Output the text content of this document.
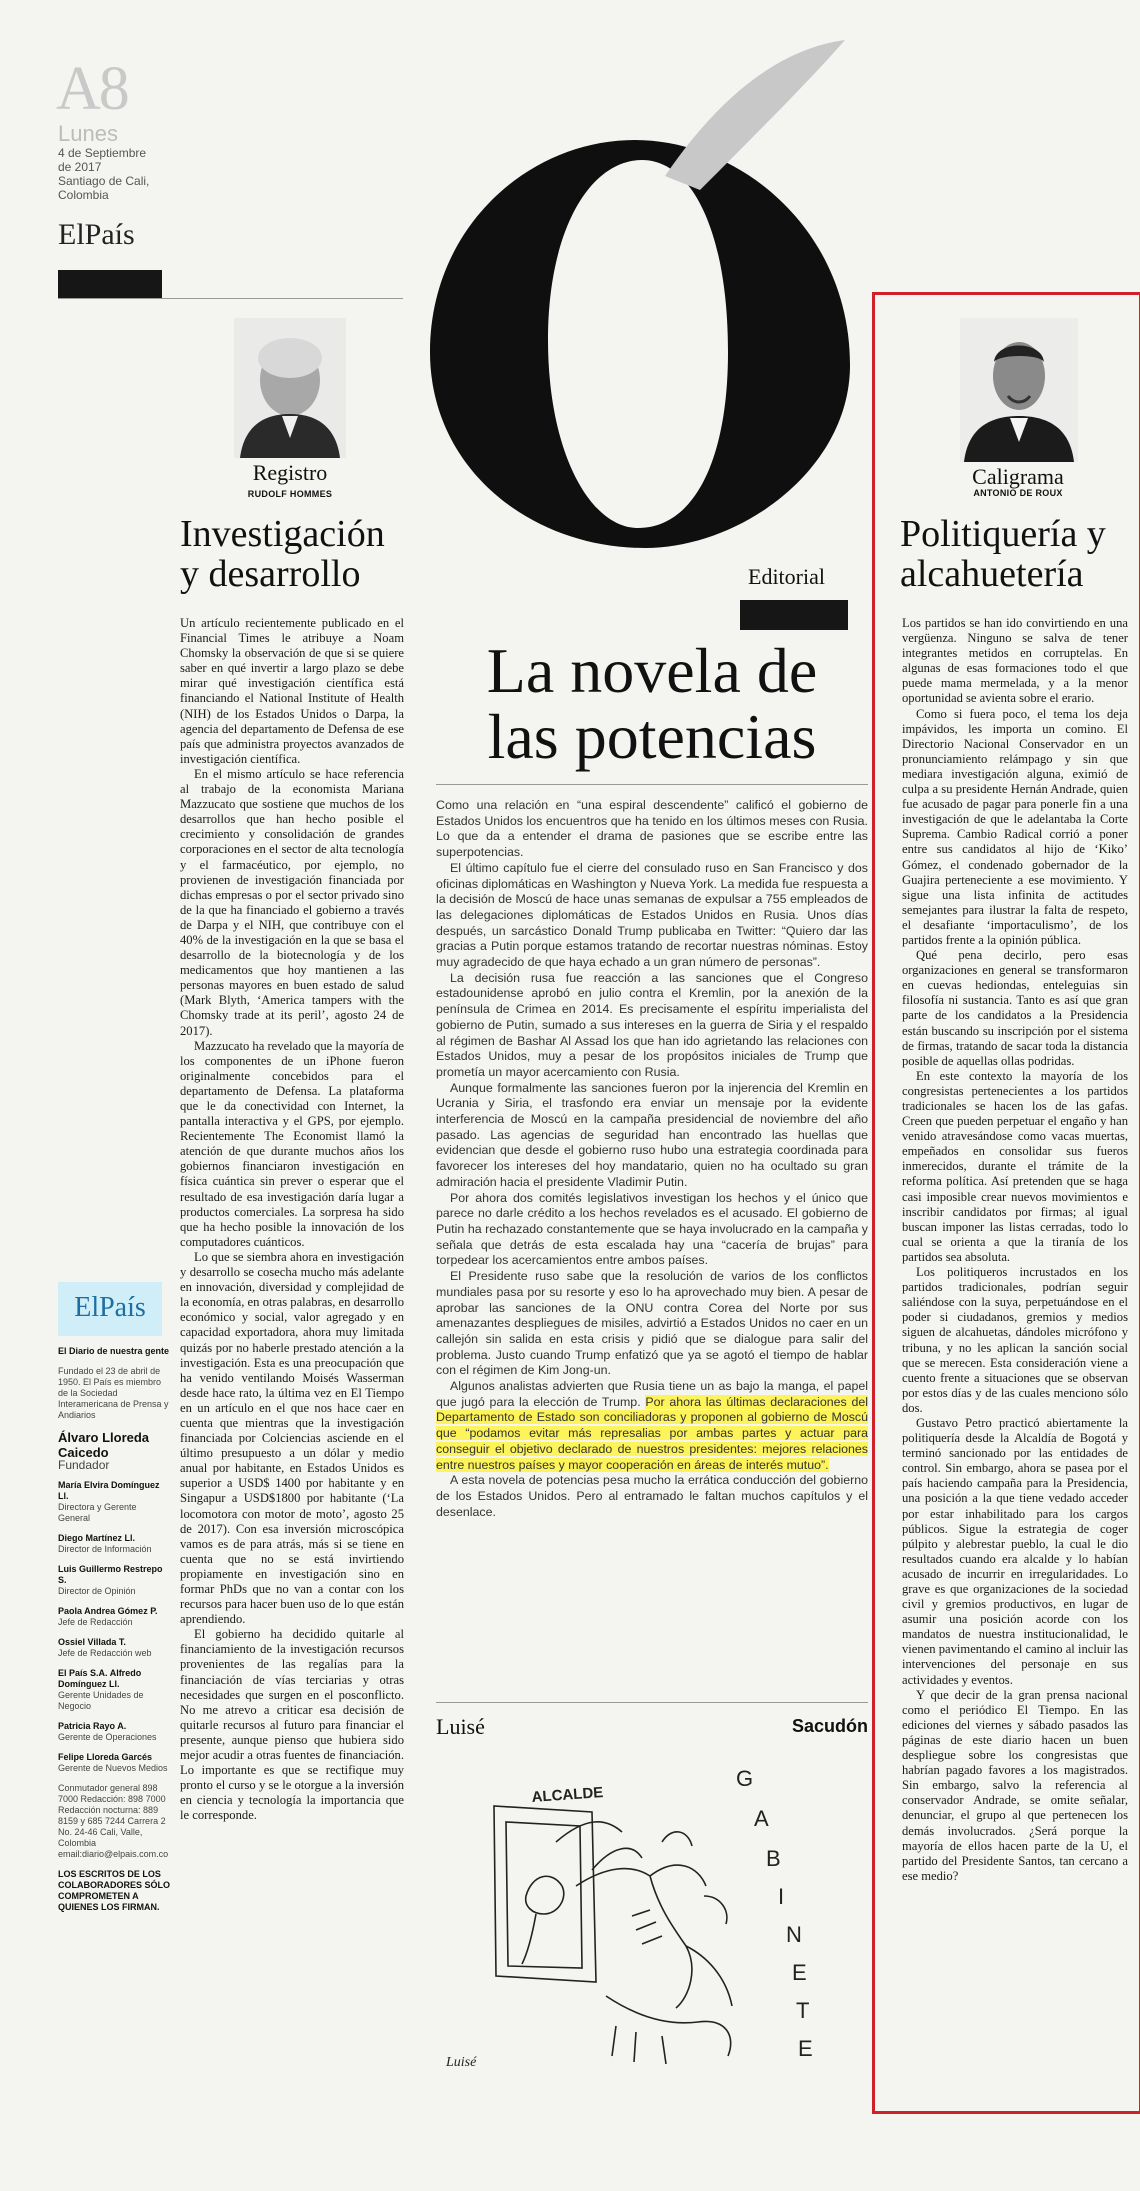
A8
Lunes
4 de Septiembre
de 2017
Santiago de Cali,
Colombia
ElPaís
Registro
RUDOLF HOMMES
Investigación
y desarrollo

Un artículo recientemente publicado en el Financial Times le atribuye a Noam Chomsky la observación de que si se quiere saber en qué invertir a largo plazo se debe mirar qué investigación científica está financiando el National Institute of Health (NIH) de los Estados Unidos o Darpa, la agencia del departamento de Defensa de ese país que administra proyectos avanzados de investigación científica.

En el mismo artículo se hace referencia al trabajo de la economista Mariana Mazzucato que sostiene que muchos de los desarrollos que han hecho posible el crecimiento y consolidación de grandes corporaciones en el sector de alta tecnología y el farmacéutico, por ejemplo, no provienen de investigación financiada por dichas empresas o por el sector privado sino de la que ha financiado el gobierno a través de Darpa y el NIH, que contribuye con el 40% de la investigación en la que se basa el desarrollo de la biotecnología y de los medicamentos que hoy mantienen a las personas mayores en buen estado de salud (Mark Blyth, ‘America tampers with the Chomsky trade at its peril’, agosto 24 de 2017).

Mazzucato ha revelado que la mayoría de los componentes de un iPhone fueron originalmente concebidos para el departamento de Defensa. La plataforma que le da conectividad con Internet, la pantalla interactiva y el GPS, por ejemplo. Recientemente The Economist llamó la atención de que durante muchos años los gobiernos financiaron investigación en física cuántica sin prever o esperar que el resultado de esa investigación daría lugar a productos comerciales. La sorpresa ha sido que ha hecho posible la innovación de los computadores cuánticos.

Lo que se siembra ahora en investigación y desarrollo se cosecha mucho más adelante en innovación, diversidad y complejidad de la economía, en otras palabras, en desarrollo económico y social, valor agregado y en capacidad exportadora, ahora muy limitada quizás por no haberle prestado atención a la investigación. Esta es una preocupación que ha venido ventilando Moisés Wasserman desde hace rato, la última vez en El Tiempo en un artículo en el que nos hace caer en cuenta que mientras que la investigación financiada por Colciencias asciende en el último presupuesto a un dólar y medio anual por habitante, en Estados Unidos es superior a USD$ 1400 por habitante y en Singapur a USD$1800 por habitante (‘La locomotora con motor de moto’, agosto 25 de 2017). Con esa inversión microscópica vamos es de para atrás, más si se tiene en cuenta que no se está invirtiendo propiamente en investigación sino en formar PhDs que no van a contar con los recursos para hacer buen uso de lo que están aprendiendo.

El gobierno ha decidido quitarle al financiamiento de la investigación recursos provenientes de las regalías para la financiación de vías terciarias y otras necesidades que surgen en el posconflicto. No me atrevo a criticar esa decisión de quitarle recursos al futuro para financiar el presente, aunque pienso que hubiera sido mejor acudir a otras fuentes de financiación. Lo importante es que se rectifique muy pronto el curso y se le otorgue a la inversión en ciencia y tecnología la importancia que le corresponde.

ElPaís
El Diario de nuestra gente
Fundado el 23 de abril de 1950. El País es miembro de la Sociedad Interamericana de Prensa y Andiarios
Álvaro Lloreda Caicedo
Fundador
María Elvira Domínguez Ll.
Directora y Gerente General
Diego Martínez Ll.
Director de Información
Luis Guillermo Restrepo S.
Director de Opinión
Paola Andrea Gómez P.
Jefe de Redacción
Ossiel Villada T.
Jefe de Redacción web
El País S.A. Alfredo Domínguez Ll.
Gerente Unidades de Negocio
Patricia Rayo A.
Gerente de Operaciones
Felipe Lloreda Garcés
Gerente de Nuevos Medios
Conmutador general 898 7000 Redacción: 898 7000 Redacción nocturna: 889 8159 y 685 7244 Carrera 2 No. 24-46 Cali, Valle, Colombia email:diario@elpais.com.co
LOS ESCRITOS DE LOS COLABORADORES SÓLO COMPROMETEN A QUIENES LOS FIRMAN.
Editorial
La novela de
las potencias

Como una relación en “una espiral descendente” calificó el gobierno de Estados Unidos los encuentros que ha tenido en los últimos meses con Rusia. Lo que da a entender el drama de pasiones que se escribe entre las superpotencias.

El último capítulo fue el cierre del consulado ruso en San Francisco y dos oficinas diplomáticas en Washington y Nueva York. La medida fue respuesta a la decisión de Moscú de hace unas semanas de expulsar a 755 empleados de las delegaciones diplomáticas de Estados Unidos en Rusia. Unos días después, un sarcástico Donald Trump publicaba en Twitter: “Quiero dar las gracias a Putin porque estamos tratando de recortar nuestras nóminas. Estoy muy agradecido de que haya echado a un gran número de personas”.

La decisión rusa fue reacción a las sanciones que el Congreso estadounidense aprobó en julio contra el Kremlin, por la anexión de la península de Crimea en 2014. Es precisamente el espíritu imperialista del gobierno de Putin, sumado a sus intereses en la guerra de Siria y el respaldo al régimen de Bashar Al Assad los que han ido agrietando las relaciones con Estados Unidos, muy a pesar de los propósitos iniciales de Trump que prometía un mayor acercamiento con Rusia.

Aunque formalmente las sanciones fueron por la injerencia del Kremlin en Ucrania y Siria, el trasfondo era enviar un mensaje por la evidente interferencia de Moscú en la campaña presidencial de noviembre del año pasado. Las agencias de seguridad han encontrado las huellas que evidencian que desde el gobierno ruso hubo una estrategia coordinada para favorecer los intereses del hoy mandatario, quien no ha ocultado su gran admiración hacia el presidente Vladimir Putin.

Por ahora dos comités legislativos investigan los hechos y el único que parece no darle crédito a los hechos revelados es el acusado. El gobierno de Putin ha rechazado constantemente que se haya involucrado en la campaña y señala que detrás de esta escalada hay una “cacería de brujas” para torpedear los acercamientos entre ambos países.

El Presidente ruso sabe que la resolución de varios de los conflictos mundiales pasa por su resorte y eso lo ha aprovechado muy bien. A pesar de aprobar las sanciones de la ONU contra Corea del Norte por sus amenazantes despliegues de misiles, advirtió a Estados Unidos no caer en un callejón sin salida en esta crisis y pidió que se dialogue para salir del problema. Justo cuando Trump enfatizó que ya se agotó el tiempo de hablar con el régimen de Kim Jong-un.

Algunos analistas advierten que Rusia tiene un as bajo la manga, el papel que jugó para la elección de Trump. Por ahora las últimas declaraciones del Departamento de Estado son conciliadoras y proponen al gobierno de Moscú que “podamos evitar más represalias por ambas partes y actuar para conseguir el objetivo declarado de nuestros presidentes: mejores relaciones entre nuestros países y mayor cooperación en áreas de interés mutuo”.

A esta novela de potencias pesa mucho la errática conducción del gobierno de los Estados Unidos. Pero al entramado le faltan muchos capítulos y el desenlace.

Luisé	Sacudón
ALCALDE
G
A
B
I
N
E
T
E
Luisé
Caligrama
ANTONIO DE ROUX
Politiquería y
alcahuetería

Los partidos se han ido convirtiendo en una vergüenza. Ninguno se salva de tener integrantes metidos en corruptelas. En algunas de esas formaciones todo el que puede mama mermelada, y a la menor oportunidad se avienta sobre el erario.

Como si fuera poco, el tema los deja impávidos, les importa un comino. El Directorio Nacional Conservador en un pronunciamiento relámpago y sin que mediara investigación alguna, eximió de culpa a su presidente Hernán Andrade, quien fue acusado de pagar para ponerle fin a una investigación de que le adelantaba la Corte Suprema. Cambio Radical corrió a poner entre sus candidatos al hijo de ‘Kiko’ Gómez, el condenado gobernador de la Guajira perteneciente a ese movimiento. Y sigue una lista infinita de actitudes semejantes para ilustrar la falta de respeto, el desafiante ‘importaculismo’, de los partidos frente a la opinión pública.

Qué pena decirlo, pero esas organizaciones en general se transformaron en cuevas hediondas, enteleguias sin filosofía ni sustancia. Tanto es así que gran parte de los candidatos a la Presidencia están buscando su inscripción por el sistema de firmas, tratando de sacar toda la distancia posible de aquellas ollas podridas.

En este contexto la mayoría de los congresistas pertenecientes a los partidos tradicionales se hacen los de las gafas. Creen que pueden perpetuar el engaño y han venido atravesándose como vacas muertas, empeñados en consolidar sus fueros inmerecidos, durante el trámite de la reforma política. Así pretenden que se haga casi imposible crear nuevos movimientos e inscribir candidatos por firmas; al igual buscan imponer las listas cerradas, todo lo cual se orienta a que la tiranía de los partidos sea absoluta.

Los politiqueros incrustados en los partidos tradicionales, podrían seguir saliéndose con la suya, perpetuándose en el poder si ciudadanos, gremios y medios siguen de alcahuetas, dándoles micrófono y tribuna, y no les aplican la sanción social que se merecen. Esta consideración viene a cuento frente a situaciones que se observan por estos días y de las cuales menciono sólo dos.

Gustavo Petro practicó abiertamente la politiquería desde la Alcaldía de Bogotá y terminó sancionado por las entidades de control. Sin embargo, ahora se pasea por el país haciendo campaña para la Presidencia, una posición a la que tiene vedado acceder por estar inhabilitado para los cargos públicos. Sigue la estrategia de coger púlpito y alebrestar pueblo, la cual le dio resultados cuando era alcalde y lo habían acusado de incurrir en irregularidades. Lo grave es que organizaciones de la sociedad civil y gremios productivos, en lugar de asumir una posición acorde con los mandatos de nuestra institucionalidad, le vienen pavimentando el camino al incluir las intervenciones del personaje en sus actividades y eventos.

Y que decir de la gran prensa nacional como el periódico El Tiempo. En las ediciones del viernes y sábado pasados las páginas de este diario hacen un buen despliegue sobre los congresistas que habrían pagado favores a los magistrados. Sin embargo, salvo la referencia al conservador Andrade, se omite señalar, denunciar, el grupo al que pertenecen los demás involucrados. ¿Será porque la mayoría de ellos hacen parte de la U, el partido del Presidente Santos, tan cercano a ese medio?
